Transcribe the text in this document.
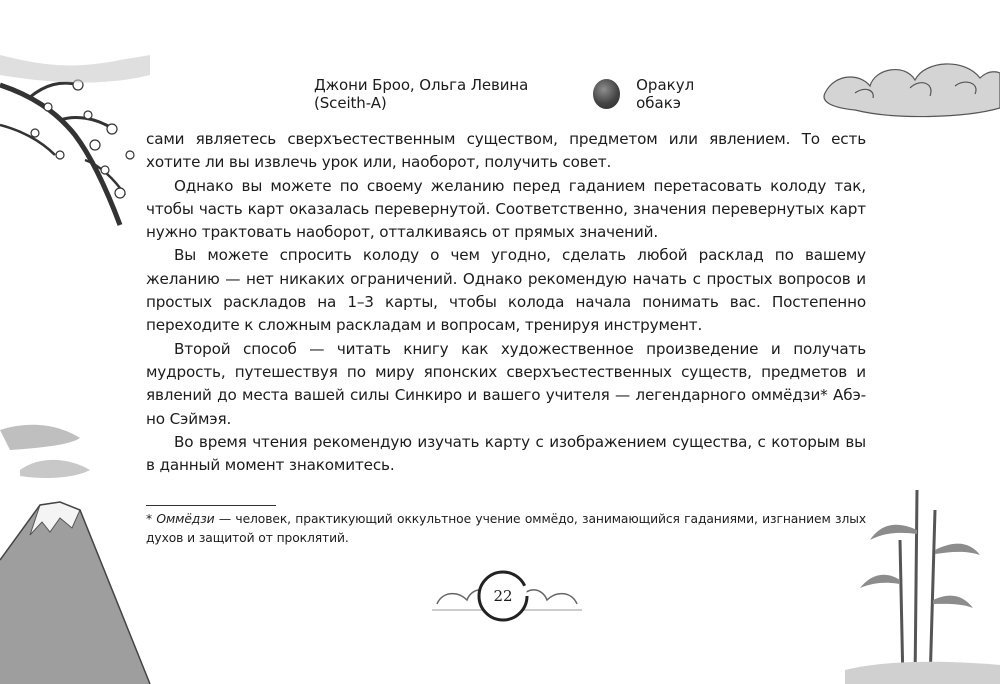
Джони Броо, Ольга Левина (Sceith-A)
Оракул обакэ

сами являетесь сверхъестественным существом, предметом или явлением. То есть хотите ли вы извлечь урок или, наоборот, получить совет.

Однако вы можете по своему желанию перед гаданием перетасовать колоду так, чтобы часть карт оказалась перевернутой. Соответственно, значения перевернутых карт нужно трактовать наоборот, отталкиваясь от прямых значений.

Вы можете спросить колоду о чем угодно, сделать любой расклад по вашему желанию — нет никаких ограничений. Однако рекомендую начать с простых вопросов и простых раскладов на 1–3 карты, чтобы колода начала понимать вас. Постепенно переходите к сложным раскладам и вопросам, тренируя инструмент.

Второй способ — читать книгу как художественное произведение и получать мудрость, путешествуя по миру японских сверхъестественных существ, предметов и явлений до места вашей силы Синкиро и вашего учителя — легендарного оммёдзи* Абэ-но Сэймэя.

Во время чтения рекомендую изучать карту с изображением существа, с которым вы в данный момент знакомитесь.

* Оммёдзи — человек, практикующий оккультное учение оммёдо, занимающийся гаданиями, изгнанием злых духов и защитой от проклятий.
22
